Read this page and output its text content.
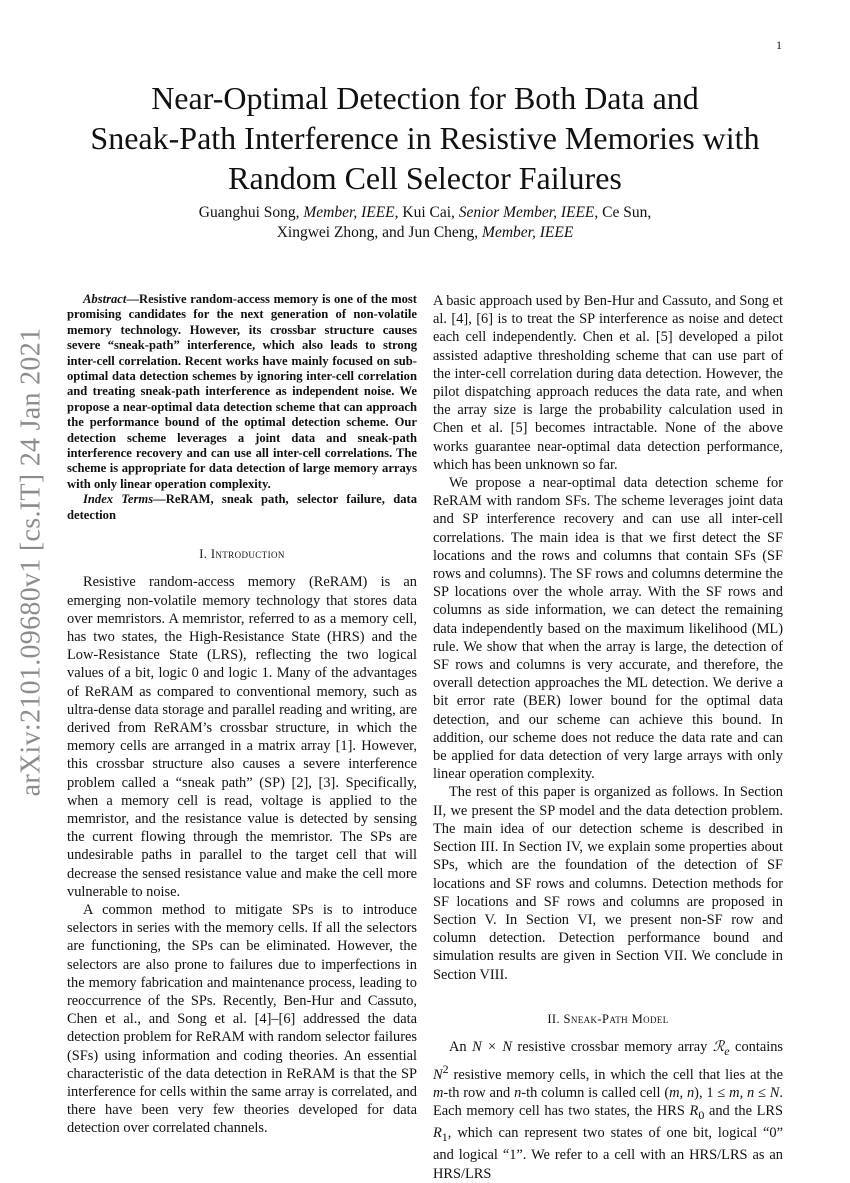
1
arXiv:2101.09680v1 [cs.IT] 24 Jan 2021
Near-Optimal Detection for Both Data and
Sneak-Path Interference in Resistive Memories with
Random Cell Selector Failures
Guanghui Song, Member, IEEE, Kui Cai, Senior Member, IEEE, Ce Sun,
Xingwei Zhong, and Jun Cheng, Member, IEEE

Abstract—Resistive random-access memory is one of the most promising candidates for the next generation of non-volatile memory technology. However, its crossbar structure causes severe “sneak-path” interference, which also leads to strong inter-cell correlation. Recent works have mainly focused on sub-optimal data detection schemes by ignoring inter-cell correlation and treating sneak-path interference as independent noise. We propose a near-optimal data detection scheme that can approach the performance bound of the optimal detection scheme. Our detection scheme leverages a joint data and sneak-path interference recovery and can use all inter-cell correlations. The scheme is appropriate for data detection of large memory arrays with only linear operation complexity.

Index Terms—ReRAM, sneak path, selector failure, data detection

I. Introduction

Resistive random-access memory (ReRAM) is an emerging non-volatile memory technology that stores data over memristors. A memristor, referred to as a memory cell, has two states, the High-Resistance State (HRS) and the Low-Resistance State (LRS), reflecting the two logical values of a bit, logic 0 and logic 1. Many of the advantages of ReRAM as compared to conventional memory, such as ultra-dense data storage and parallel reading and writing, are derived from ReRAM’s crossbar structure, in which the memory cells are arranged in a matrix array [1]. However, this crossbar structure also causes a severe interference problem called a “sneak path” (SP) [2], [3]. Specifically, when a memory cell is read, voltage is applied to the memristor, and the resistance value is detected by sensing the current flowing through the memristor. The SPs are undesirable paths in parallel to the target cell that will decrease the sensed resistance value and make the cell more vulnerable to noise.

A common method to mitigate SPs is to introduce selectors in series with the memory cells. If all the selectors are functioning, the SPs can be eliminated. However, the selectors are also prone to failures due to imperfections in the memory fabrication and maintenance process, leading to reoccurrence of the SPs. Recently, Ben-Hur and Cassuto, Chen et al., and Song et al. [4]–[6] addressed the data detection problem for ReRAM with random selector failures (SFs) using information and coding theories. An essential characteristic of the data detection in ReRAM is that the SP interference for cells within the same array is correlated, and there have been very few theories developed for data detection over correlated channels.

A basic approach used by Ben-Hur and Cassuto, and Song et al. [4], [6] is to treat the SP interference as noise and detect each cell independently. Chen et al. [5] developed a pilot assisted adaptive thresholding scheme that can use part of the inter-cell correlation during data detection. However, the pilot dispatching approach reduces the data rate, and when the array size is large the probability calculation used in Chen et al. [5] becomes intractable. None of the above works guarantee near-optimal data detection performance, which has been unknown so far.

We propose a near-optimal data detection scheme for ReRAM with random SFs. The scheme leverages joint data and SP interference recovery and can use all inter-cell correlations. The main idea is that we first detect the SF locations and the rows and columns that contain SFs (SF rows and columns). The SF rows and columns determine the SP locations over the whole array. With the SF rows and columns as side information, we can detect the remaining data independently based on the maximum likelihood (ML) rule. We show that when the array is large, the detection of SF rows and columns is very accurate, and therefore, the overall detection approaches the ML detection. We derive a bit error rate (BER) lower bound for the optimal data detection, and our scheme can achieve this bound. In addition, our scheme does not reduce the data rate and can be applied for data detection of very large arrays with only linear operation complexity.

The rest of this paper is organized as follows. In Section II, we present the SP model and the data detection problem. The main idea of our detection scheme is described in Section III. In Section IV, we explain some properties about SPs, which are the foundation of the detection of SF locations and SF rows and columns. Detection methods for SF locations and SF rows and columns are proposed in Section V. In Section VI, we present non-SF row and column detection. Detection performance bound and simulation results are given in Section VII. We conclude in Section VIII.

II. Sneak-Path Model

An N × N resistive crossbar memory array ℛ$_e$ contains $N^2$ resistive memory cells, in which the cell that lies at the m-th row and n-th column is called cell (m, n), 1 ≤ m, n ≤ N. Each memory cell has two states, the HRS $R_0$ and the LRS $R_1$, which can represent two states of one bit, logical “0” and logical “1”. We refer to a cell with an HRS/LRS as an HRS/LRS
